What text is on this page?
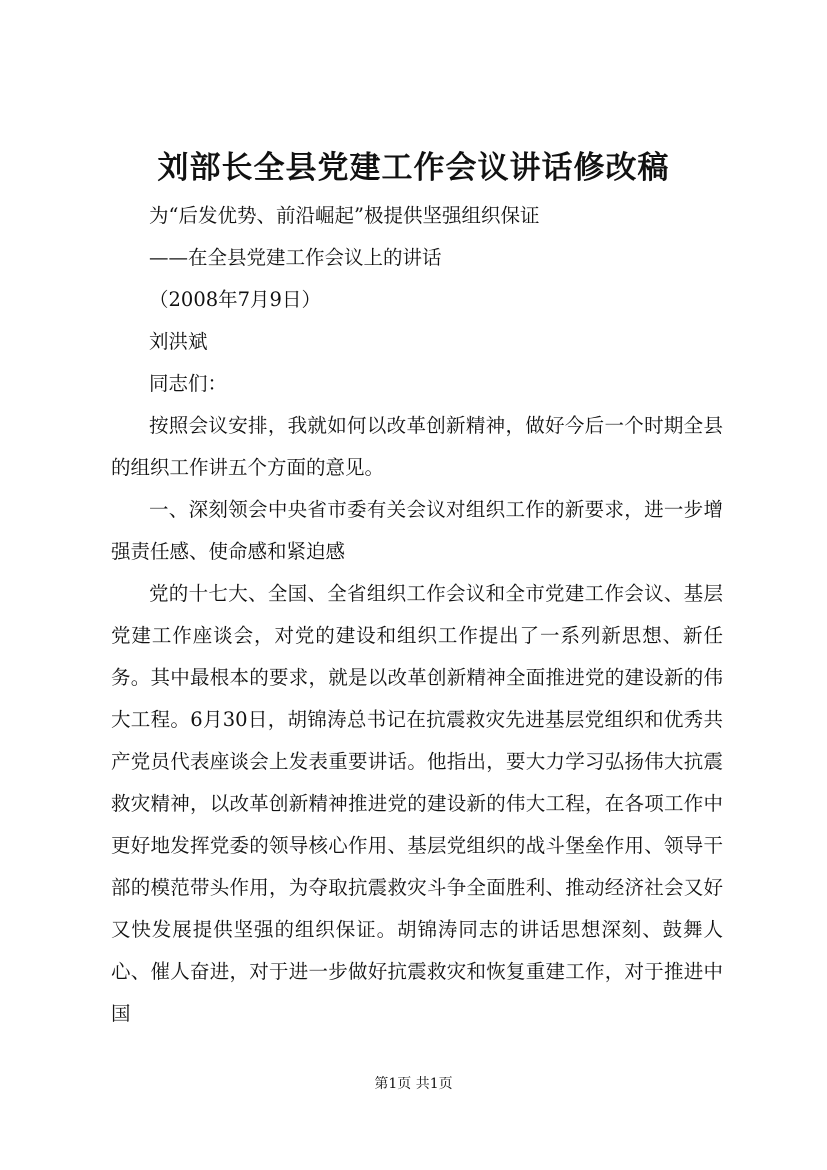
刘部长全县党建工作会议讲话修改稿

为“后发优势、前沿崛起”极提供坚强组织保证

——在全县党建工作会议上的讲话

（2008年7月9日）

刘洪斌

同志们：

按照会议安排，我就如何以改革创新精神，做好今后一个时期全县的组织工作讲五个方面的意见。

一、深刻领会中央省市委有关会议对组织工作的新要求，进一步增强责任感、使命感和紧迫感

党的十七大、全国、全省组织工作会议和全市党建工作会议、基层党建工作座谈会，对党的建设和组织工作提出了一系列新思想、新任务。其中最根本的要求，就是以改革创新精神全面推进党的建设新的伟大工程。6月30日，胡锦涛总书记在抗震救灾先进基层党组织和优秀共产党员代表座谈会上发表重要讲话。他指出，要大力学习弘扬伟大抗震救灾精神，以改革创新精神推进党的建设新的伟大工程，在各项工作中更好地发挥党委的领导核心作用、基层党组织的战斗堡垒作用、领导干部的模范带头作用，为夺取抗震救灾斗争全面胜利、推动经济社会又好又快发展提供坚强的组织保证。胡锦涛同志的讲话思想深刻、鼓舞人心、催人奋进，对于进一步做好抗震救灾和恢复重建工作，对于推进中国

第1页 共1页
